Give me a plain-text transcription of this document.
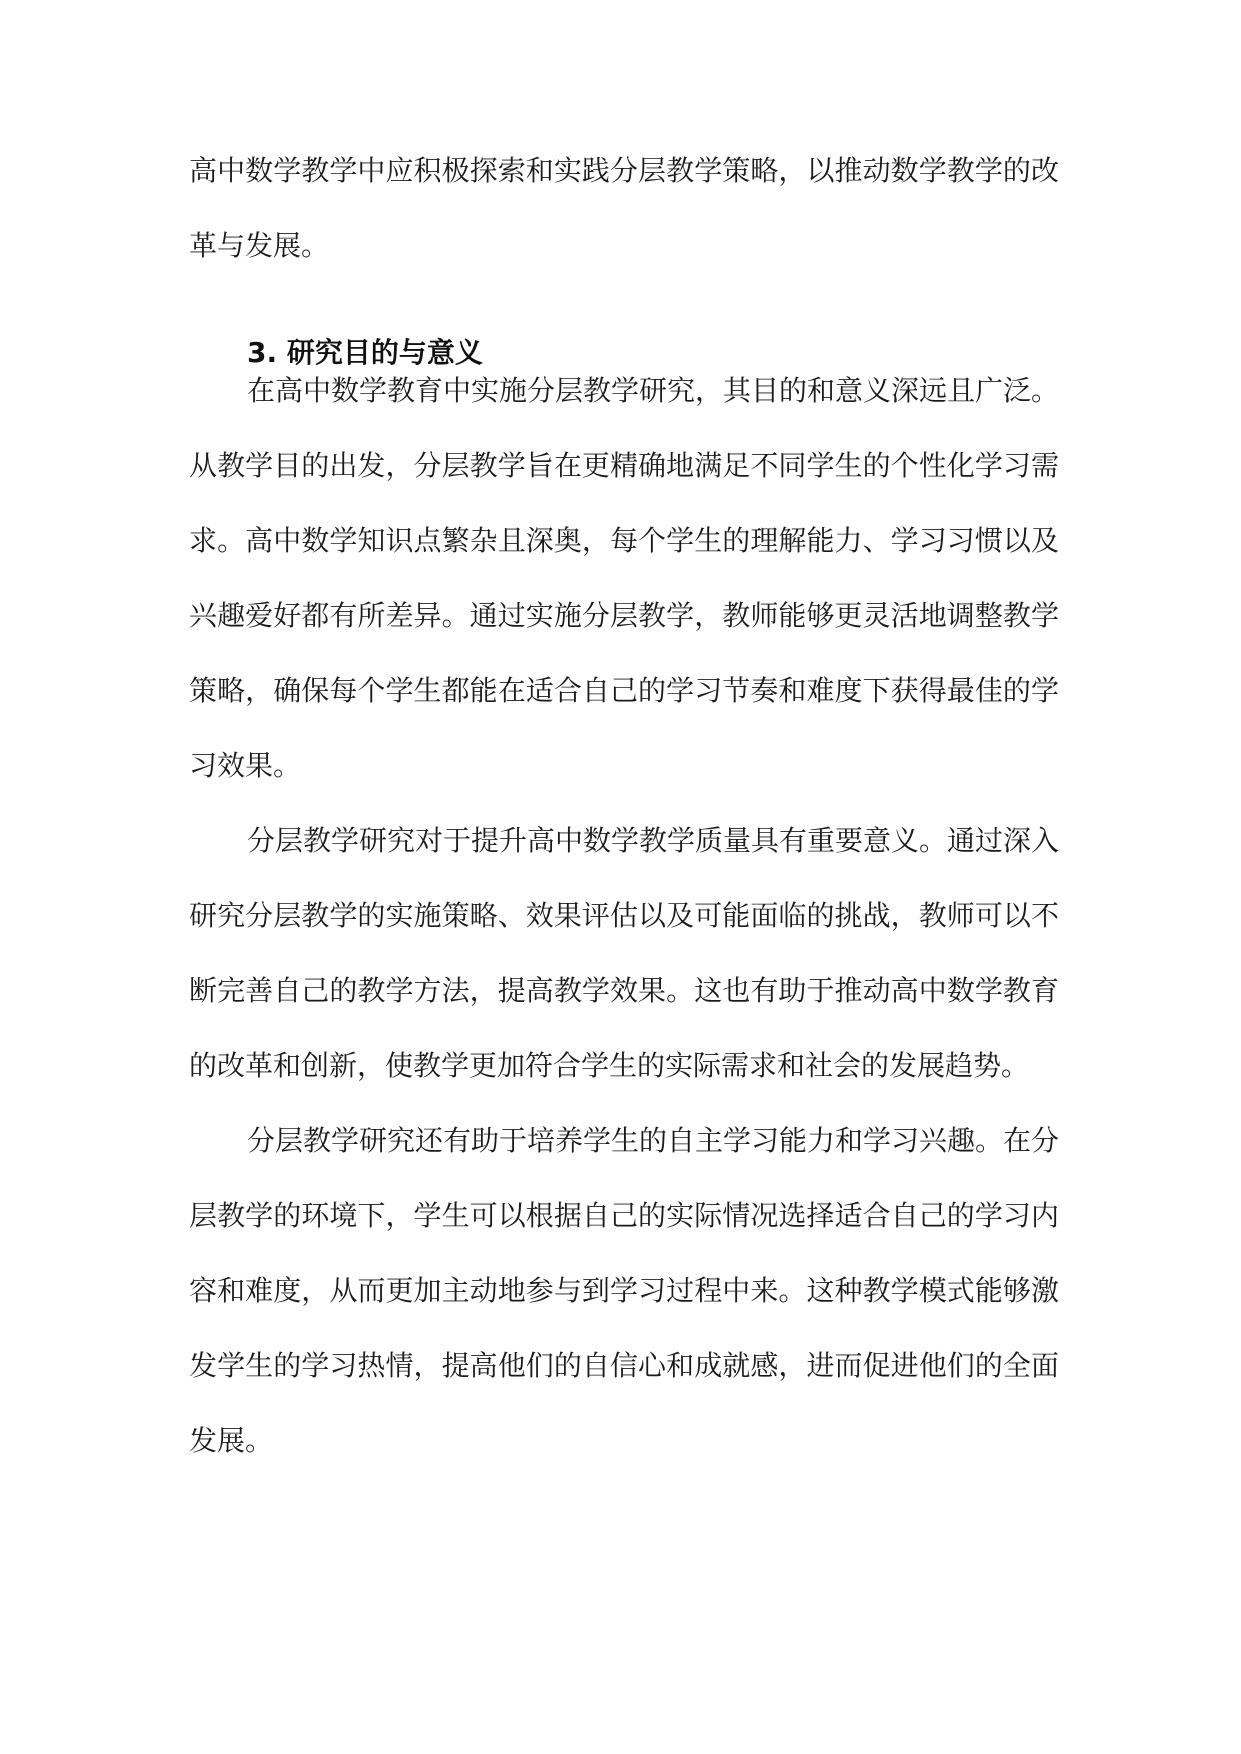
高中数学教学中应积极探索和实践分层教学策略，以推动数学教学的改革与发展。

3. 研究目的与意义

在高中数学教育中实施分层教学研究，其目的和意义深远且广泛。从教学目的出发，分层教学旨在更精确地满足不同学生的个性化学习需求。高中数学知识点繁杂且深奥，每个学生的理解能力、学习习惯以及兴趣爱好都有所差异。通过实施分层教学，教师能够更灵活地调整教学策略，确保每个学生都能在适合自己的学习节奏和难度下获得最佳的学习效果。

分层教学研究对于提升高中数学教学质量具有重要意义。通过深入研究分层教学的实施策略、效果评估以及可能面临的挑战，教师可以不断完善自己的教学方法，提高教学效果。这也有助于推动高中数学教育的改革和创新，使教学更加符合学生的实际需求和社会的发展趋势。

分层教学研究还有助于培养学生的自主学习能力和学习兴趣。在分层教学的环境下，学生可以根据自己的实际情况选择适合自己的学习内容和难度，从而更加主动地参与到学习过程中来。这种教学模式能够激发学生的学习热情，提高他们的自信心和成就感，进而促进他们的全面发展。
